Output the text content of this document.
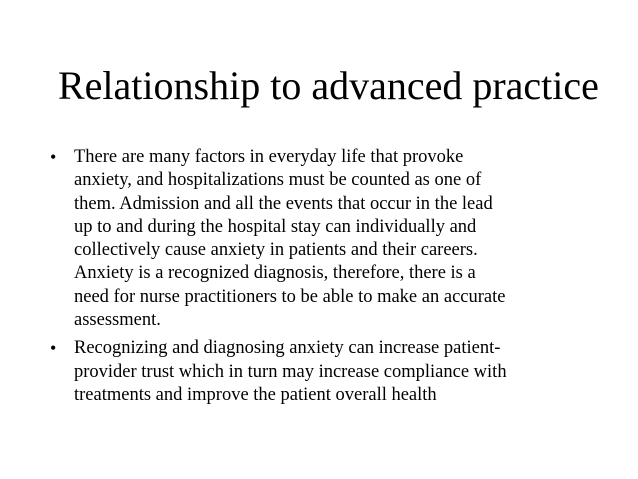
Relationship to advanced practice
• There are many factors in everyday life that provoke
anxiety, and hospitalizations must be counted as one of
them. Admission and all the events that occur in the lead
up to and during the hospital stay can individually and
collectively cause anxiety in patients and their careers.
Anxiety is a recognized diagnosis, therefore, there is a
need for nurse practitioners to be able to make an accurate
assessment.
• Recognizing and diagnosing anxiety can increase patient-
provider trust which in turn may increase compliance with
treatments and improve the patient overall health
